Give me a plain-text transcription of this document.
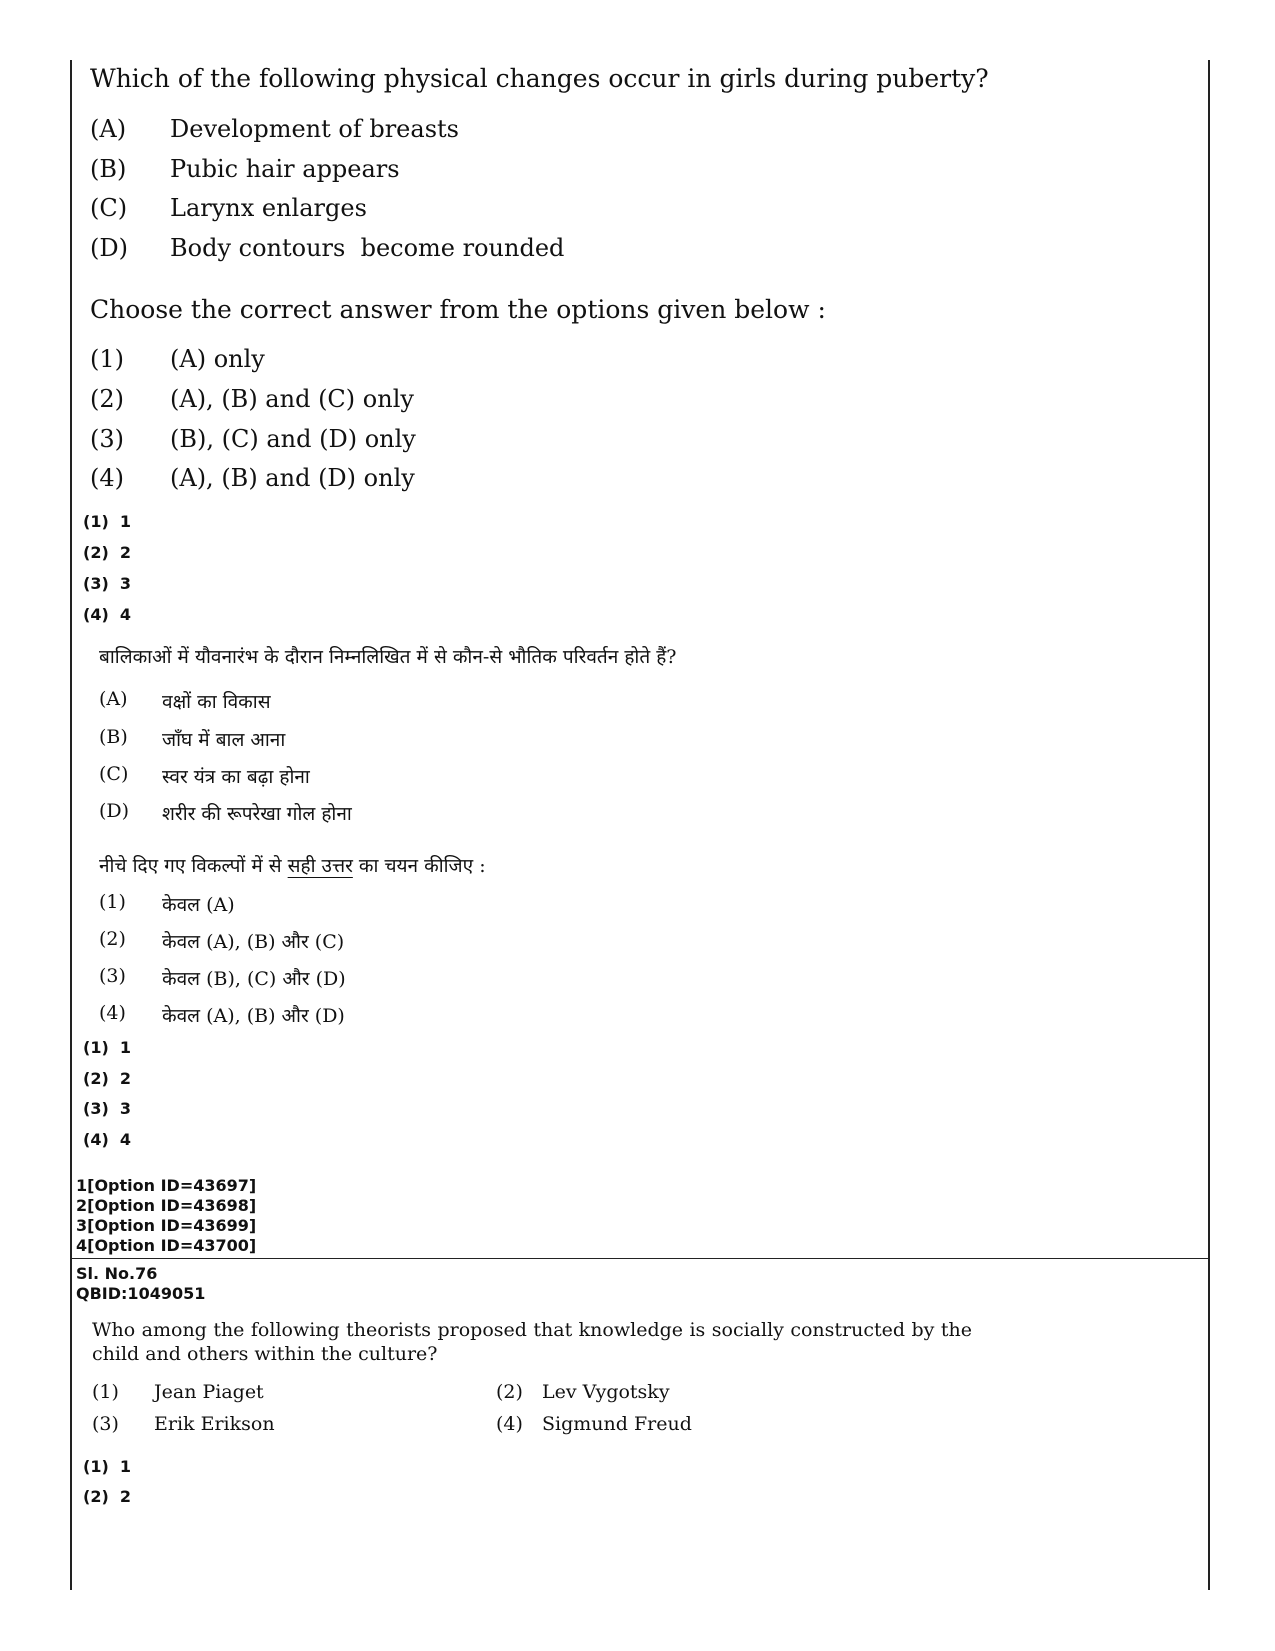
Which of the following physical changes occur in girls during puberty?
(A) Development of breasts
(B) Pubic hair appears
(C) Larynx enlarges
(D) Body contours  become rounded
Choose the correct answer from the options given below :
(1) (A) only
(2) (A), (B) and (C) only
(3) (B), (C) and (D) only
(4) (A), (B) and (D) only
(1)  1
(2)  2
(3)  3
(4)  4
बालिकाओं में यौवनारंभ के दौरान निम्नलिखित में से कौन-से भौतिक परिवर्तन होते हैं?
(A) वक्षों का विकास
(B) जाँघ में बाल आना
(C) स्वर यंत्र का बढ़ा होना
(D) शरीर की रूपरेखा गोल होना
नीचे दिए गए विकल्पों में से सही उत्तर का चयन कीजिए :
(1) केवल (A)
(2) केवल (A), (B) और (C)
(3) केवल (B), (C) और (D)
(4) केवल (A), (B) और (D)
(1)  1
(2)  2
(3)  3
(4)  4
1[Option ID=43697]
2[Option ID=43698]
3[Option ID=43699]
4[Option ID=43700]
Sl. No.76
QBID:1049051
Who among the following theorists proposed that knowledge is socially constructed by the child and others within the culture?
(1) Jean Piaget	(2) Lev Vygotsky
(3) Erik Erikson	(4) Sigmund Freud
(1)  1
(2)  2
